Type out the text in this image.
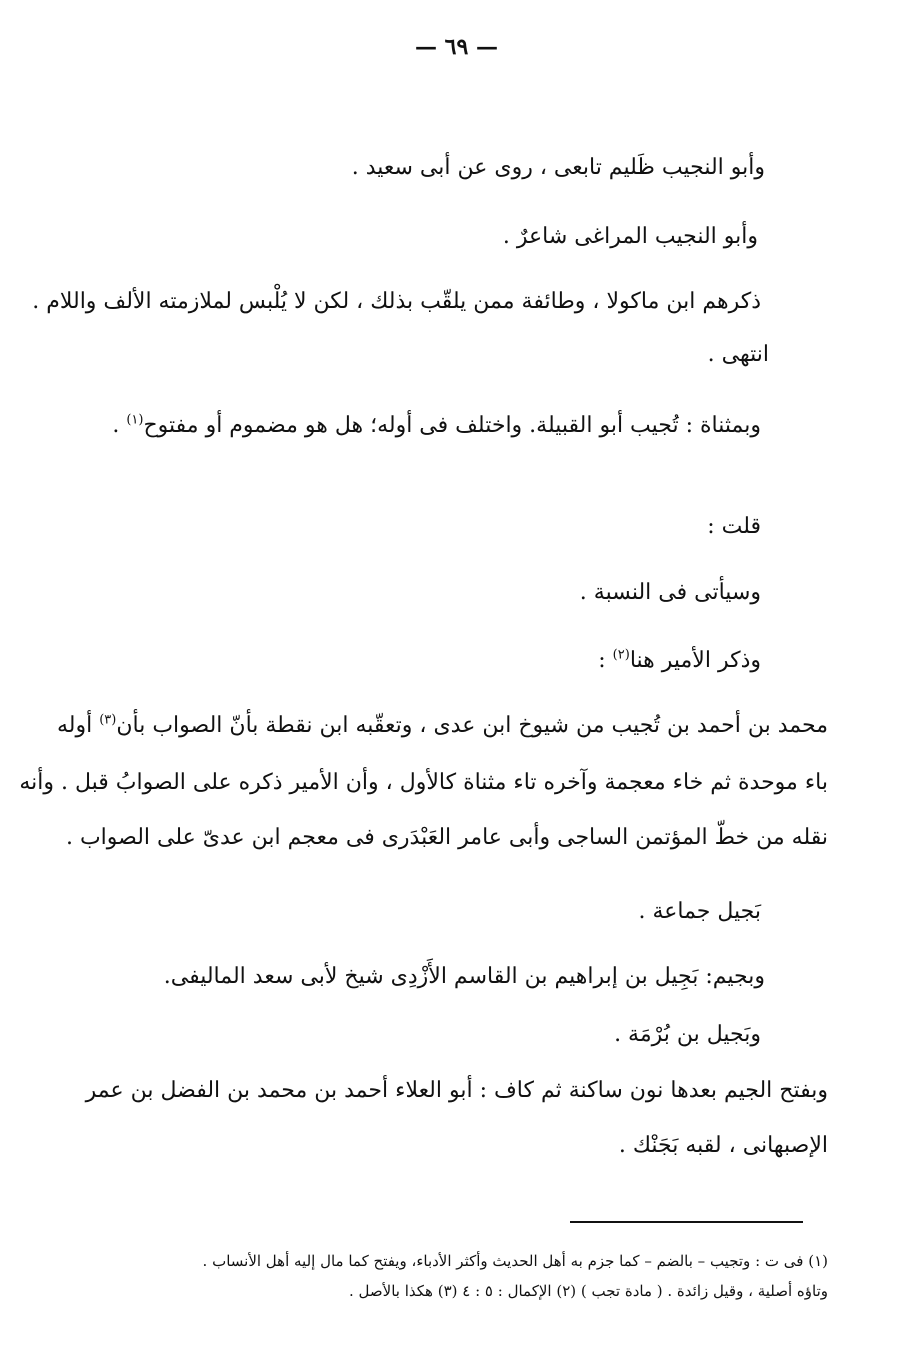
— ٦٩ —
وأبو النجيب ظَليم تابعى ، روى عن أبى سعيد .
وأبو النجيب المراغى شاعرٌ .
ذكرهم ابن ماكولا ، وطائفة ممن يلقّب بذلك ، لكن لا يُلْبس لملازمته الألف واللام .
انتهى .
وبمثناة : تُجيب أبو القبيلة. واختلف فى أوله؛ هل هو مضموم أو مفتوح$^{(١)}$ .
قلت :
وسيأتى فى النسبة .
وذكر الأمير هنا$^{(٢)}$ :
محمد بن أحمد بن تُجيب من شيوخ ابن عدى ، وتعقّبه ابن نقطة بأنّ الصواب بأن$^{(٣)}$ أوله
باء موحدة ثم خاء معجمة وآخره تاء مثناة كالأول ، وأن الأمير ذكره على الصوابُ قبل . وأنه
نقله من خطّ المؤتمن الساجى وأبى عامر العَبْدَرى فى معجم ابن عدىّ على الصواب .
بَجيل جماعة .
وبجيم: بَجِيل بن إبراهيم بن القاسم الأَزْدِى شيخ لأبى سعد الماليفى.
وبَجيل بن بُرْمَة .
وبفتح الجيم بعدها نون ساكنة ثم كاف : أبو العلاء أحمد بن محمد بن الفضل بن عمر
الإصبهانى ، لقبه بَجَنْك .
(١) فى ت : وتجيب – بالضم – كما جزم به أهل الحديث وأكثر الأدباء، ويفتح كما مال إليه أهل الأنساب .
وتاؤه أصلية ، وقيل زائدة . ( مادة تجب ) (٢) الإكمال : ٥ : ٤ (٣) هكذا بالأصل .
